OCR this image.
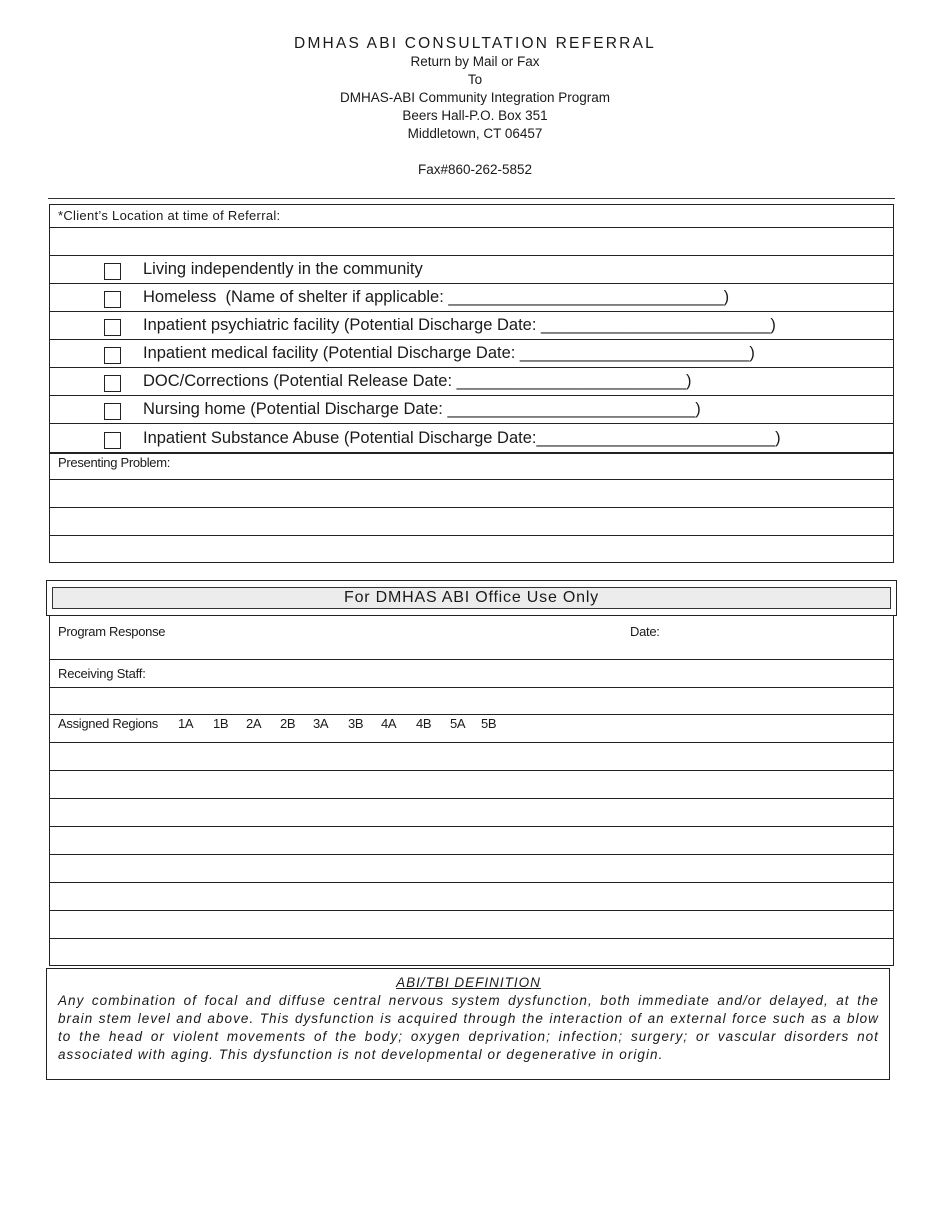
DMHAS ABI CONSULTATION REFERRAL
Return by Mail or Fax
To
DMHAS-ABI Community Integration Program
Beers Hall-P.O. Box 351
Middletown, CT 06457
Fax#860-262-5852
*Client’s Location at time of Referral:
Living independently in the community
Homeless  (Name of shelter if applicable: ______________________________)
Inpatient psychiatric facility (Potential Discharge Date: _________________________)
Inpatient medical facility (Potential Discharge Date: _________________________)
DOC/Corrections (Potential Release Date: _________________________)
Nursing home (Potential Discharge Date: ___________________________)
Inpatient Substance Abuse (Potential Discharge Date:__________________________)
Presenting Problem:
For DMHAS ABI Office Use Only
Program Response	Date:
Receiving Staff:
Assigned Regions 1A 1B 2A 2B 3A 3B 4A 4B 5A 5B
ABI/TBI DEFINITION
Any combination of focal and diffuse central nervous system dysfunction, both immediate and/or delayed, at the brain stem level and above. This dysfunction is acquired through the interaction of an external force such as a blow to the head or violent movements of the body; oxygen deprivation; infection; surgery; or vascular disorders not associated with aging. This dysfunction is not developmental or degenerative in origin.
